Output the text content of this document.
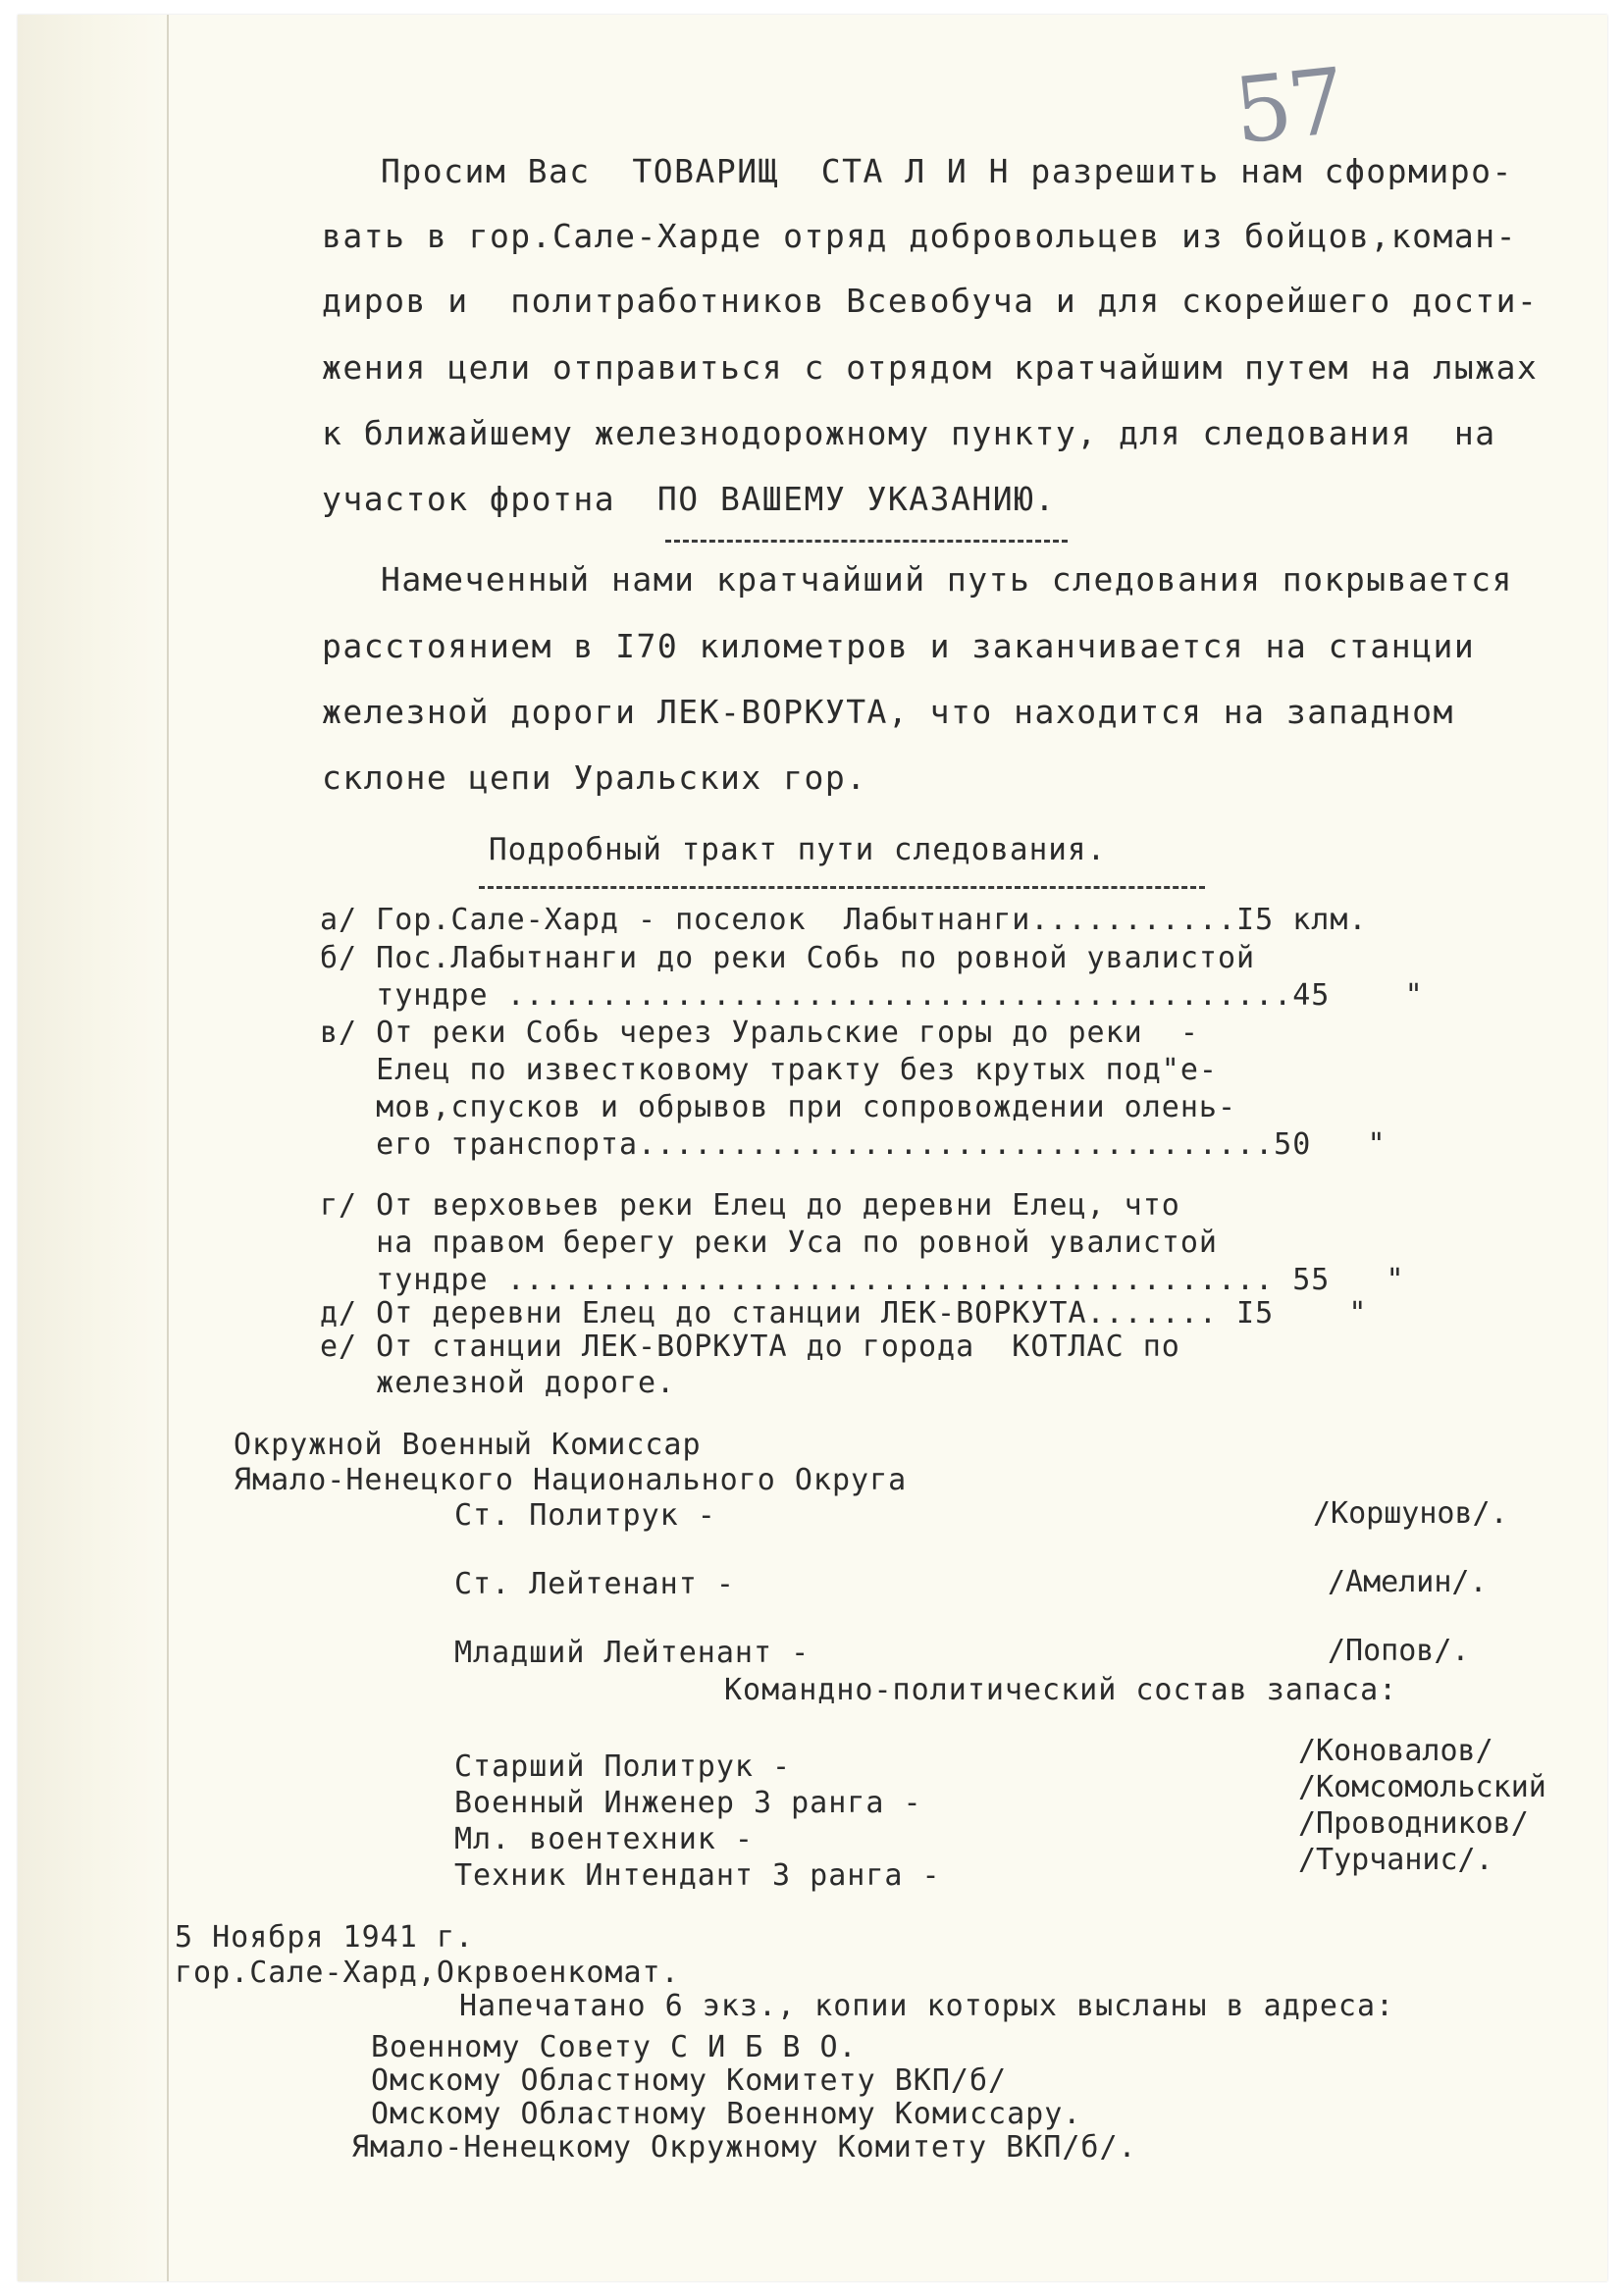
57
Просим Вас  ТОВАРИЩ  СТА Л И Н разрешить нам сформиро-
вать в гор.Сале-Харде отряд добровольцев из бойцов,коман-
диров и  политработников Всевобуча и для скорейшего дости-
жения цели отправиться с отрядом кратчайшим путем на лыжах
к ближайшему железнодорожному пункту, для следования  на
участок фротна  ПО ВАШЕМУ УКАЗАНИЮ.
Намеченный нами кратчайший путь следования покрывается
расстоянием в I70 километров и заканчивается на станции
железной дороги ЛЕК-ВОРКУТА, что находится на западном
склоне цепи Уральских гор.
Подробный тракт пути следования.
а/ Гор.Сале-Хард - поселок  Лабытнанги...........I5 клм.
б/ Пос.Лабытнанги до реки Собь по ровной увалистой
тундре ..........................................45    "
в/ От реки Собь через Уральские горы до реки  -
Елец по известковому тракту без крутых под"е-
мов,спусков и обрывов при сопровождении олень-
его транспорта..................................50   "
г/ От верховьев реки Елец до деревни Елец, что
на правом берегу реки Уса по ровной увалистой
тундре ......................................... 55   "
д/ От деревни Елец до станции ЛЕК-ВОРКУТА....... I5    "
е/ От станции ЛЕК-ВОРКУТА до города  КОТЛАС по
железной дороге.
Окружной Военный Комиссар
Ямало-Ненецкого Национального Округа
Ст. Политрук -	/Коршунов/.
Ст. Лейтенант -	/Амелин/.
Младший Лейтенант -	/Попов/.
Командно-политический состав запаса:
Старший Политрук -	/Коновалов/
Военный Инженер 3 ранга -	/Комсомольский
Мл. воентехник -	/Проводников/
Техник Интендант 3 ранга -	/Турчанис/.
5 Ноября 1941 г.
гор.Сале-Хард,Окрвоенкомат.
Напечатано 6 экз., копии которых высланы в адреса:
Военному Совету С И Б В О.
Омскому Областному Комитету ВКП/б/
Омскому Областному Военному Комиссару.
Ямало-Ненецкому Окружному Комитету ВКП/б/.
